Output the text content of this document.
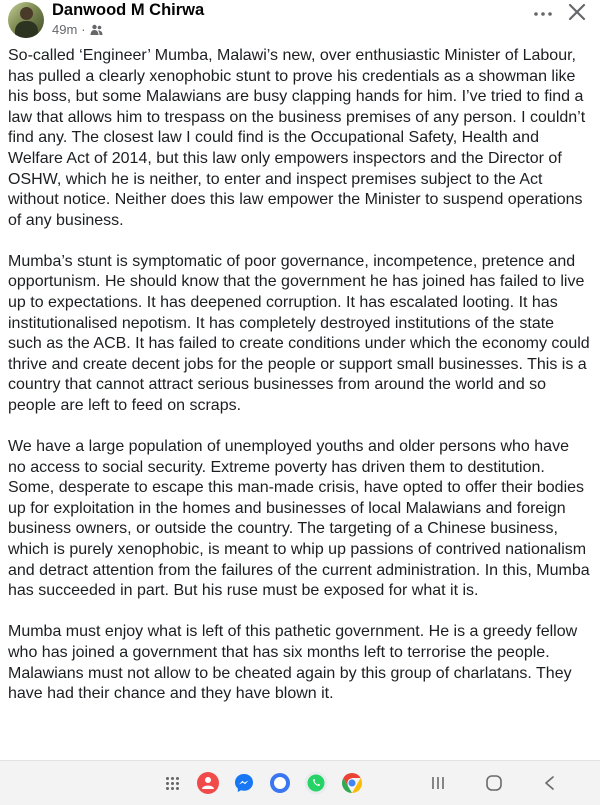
Danwood M Chirwa
49m ·

So-called ‘Engineer’ Mumba, Malawi’s new, over enthusiastic Minister of Labour, has pulled a clearly xenophobic stunt to prove his credentials as a showman like his boss, but some Malawians are busy clapping hands for him. I’ve tried to find a law that allows him to trespass on the business premises of any person. I couldn’t find any. The closest law I could find is the Occupational Safety, Health and Welfare Act of 2014, but this law only empowers inspectors and the Director of OSHW, which he is neither, to enter and inspect premises subject to the Act without notice. Neither does this law empower the Minister to suspend operations of any business.

Mumba’s stunt is symptomatic of poor governance, incompetence, pretence and opportunism. He should know that the government he has joined has failed to live up to expectations. It has deepened corruption. It has escalated looting. It has institutionalised nepotism. It has completely destroyed institutions of the state such as the ACB. It has failed to create conditions under which the economy could thrive and create decent jobs for the people or support small businesses. This is a country that cannot attract serious businesses from around the world and so people are left to feed on scraps.

We have a large population of unemployed youths and older persons who have no access to social security. Extreme poverty has driven them to destitution. Some, desperate to escape this man-made crisis, have opted to offer their bodies up for exploitation in the homes and businesses of local Malawians and foreign business owners, or outside the country. The targeting of a Chinese business, which is purely xenophobic, is meant to whip up passions of contrived nationalism and detract attention from the failures of the current administration. In this, Mumba has succeeded in part. But his ruse must be exposed for what it is.

Mumba must enjoy what is left of this pathetic government. He is a greedy fellow who has joined a government that has six months left to terrorise the people. Malawians must not allow to be cheated again by this group of charlatans. They have had their chance and they have blown it.
